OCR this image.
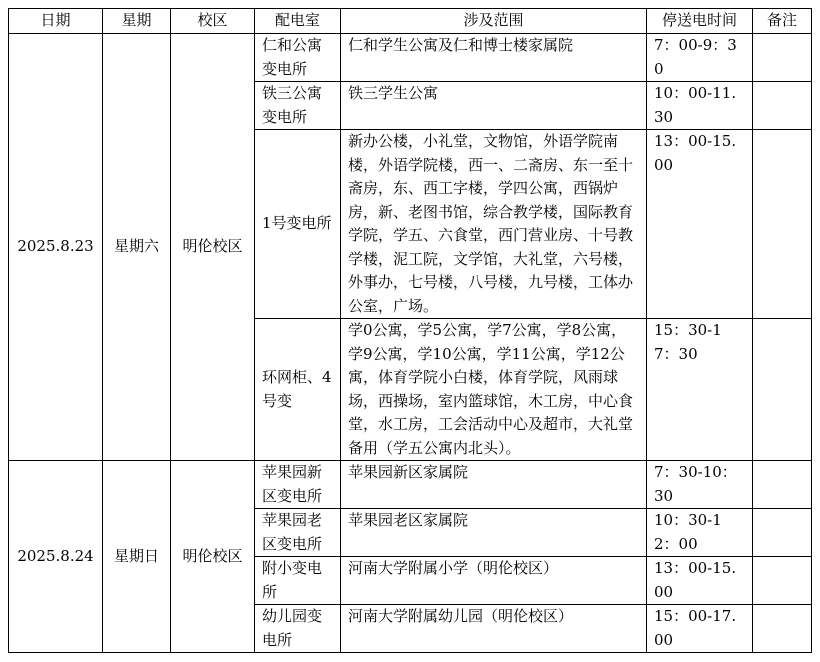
日期	星期	校区	配电室	涉及范围	停送电时间	备注
2025.8.23	星期六	明伦校区	仁和公寓变电所	仁和学生公寓及仁和博士楼家属院	7：00-9：30	
			铁三公寓变电所	铁三学生公寓	10：00-11.30	
			1号变电所	新办公楼，小礼堂，文物馆，外语学院南楼，外语学院楼，西一、二斋房、东一至十斋房，东、西工字楼，学四公寓，西锅炉房，新、老图书馆，综合教学楼，国际教育学院，学五、六食堂，西门营业房、十号教学楼，泥工院，文学馆，大礼堂，六号楼，外事办，七号楼，八号楼，九号楼，工体办公室，广场。	13：00-15.00	
			环网柜、4号变	学0公寓，学5公寓，学7公寓，学8公寓，学9公寓，学10公寓，学11公寓，学12公寓，体育学院小白楼，体育学院，风雨球场，西操场，室内篮球馆，木工房，中心食堂，水工房，工会活动中心及超市，大礼堂备用（学五公寓内北头）。	15：30-17：30	
2025.8.24	星期日	明伦校区	苹果园新区变电所	苹果园新区家属院	7：30-10：30	
			苹果园老区变电所	苹果园老区家属院	10：30-12：00	
			附小变电所	河南大学附属小学（明伦校区）	13：00-15.00	
			幼儿园变电所	河南大学附属幼儿园（明伦校区）	15：00-17.00	
